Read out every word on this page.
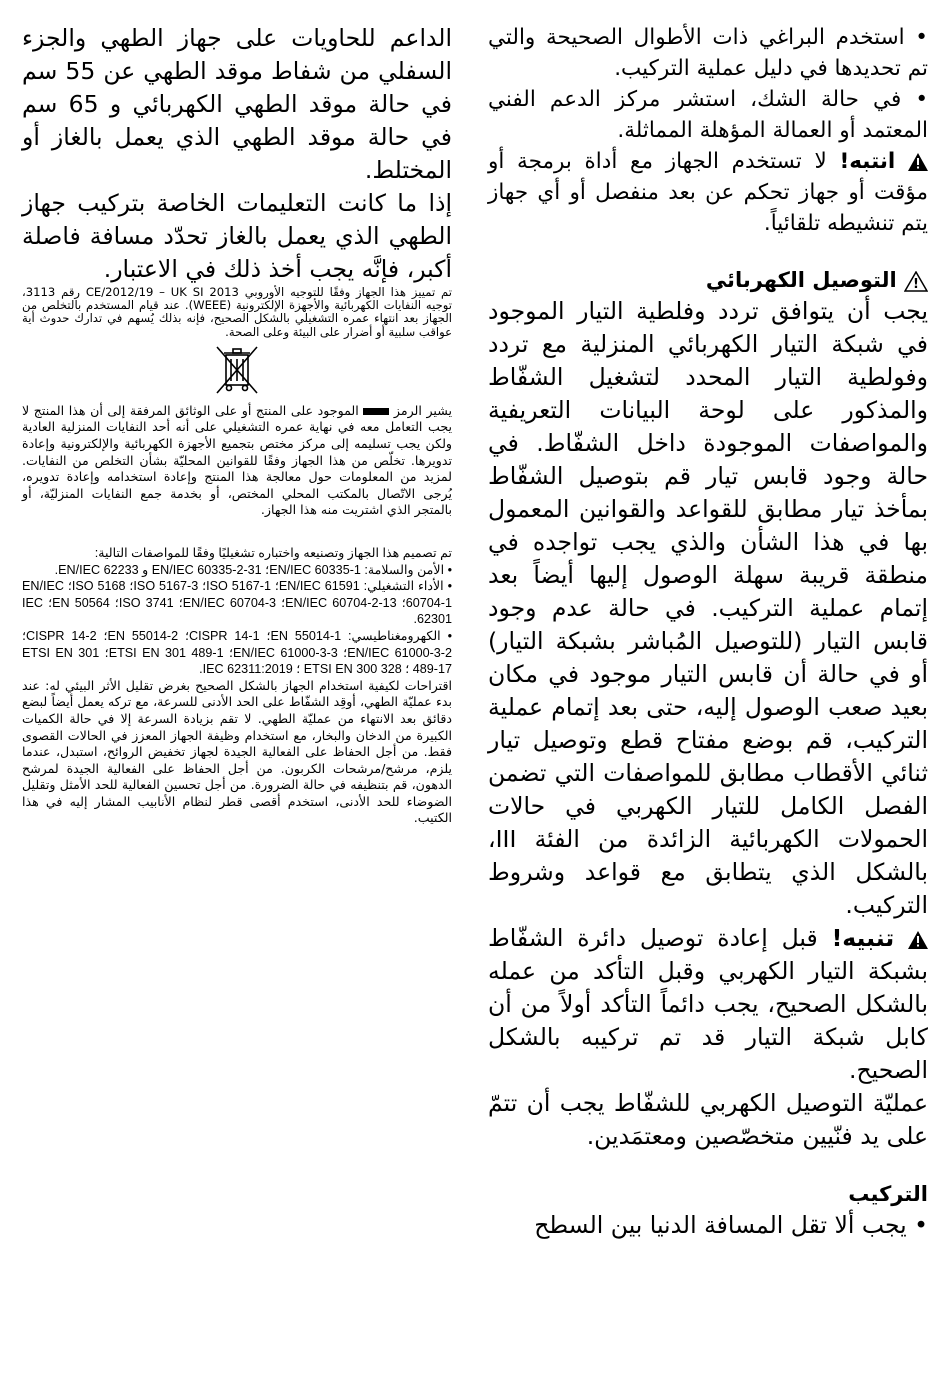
• استخدم البراغي ذات الأطوال الصحيحة والتي تم تحديدها في دليل عملية التركيب.

• في حالة الشك، استشر مركز الدعم الفني المعتمد أو العمالة المؤهلة المماثلة.

انتبه! لا تستخدم الجهاز مع أداة برمجة أو مؤقت أو جهاز تحكم عن بعد منفصل أو أي جهاز يتم تنشيطه تلقائياً.

!
التوصيل الكهربائي

يجب أن يتوافق تردد وفلطية التيار الموجود في شبكة التيار الكهربائي المنزلية مع تردد وفولطية التيار المحدد لتشغيل الشفّاط والمذكور على لوحة البيانات التعريفية والمواصفات الموجودة داخل الشفّاط. في حالة وجود قابس تيار قم بتوصيل الشفّاط بمأخذ تيار مطابق للقواعد والقوانين المعمول بها في هذا الشأن والذي يجب تواجده في منطقة قريبة سهلة الوصول إليها أيضاً بعد إتمام عملية التركيب. في حالة عدم وجود قابس التيار (للتوصيل المُباشر بشبكة التيار) أو في حالة أن قابس التيار موجود في مكان بعيد صعب الوصول إليه، حتى بعد إتمام عملية التركيب، قم بوضع مفتاح قطع وتوصيل تيار ثنائي الأقطاب مطابق للمواصفات التي تضمن الفصل الكامل للتيار الكهربي في حالات الحمولات الكهربائية الزائدة من الفئة III، بالشكل الذي يتطابق مع قواعد وشروط التركيب.

تنبيه! قبل إعادة توصيل دائرة الشفّاط بشبكة التيار الكهربي وقبل التأكد من عمله بالشكل الصحيح، يجب دائماً التأكد أولاً من أن كابل شبكة التيار قد تم تركيبه بالشكل الصحيح.

عمليّة التوصيل الكهربي للشفّاط يجب أن تتمّ على يد فنّيين متخصّصين ومعتمَدين.

التركيب

• يجب ألا تقل المسافة الدنيا بين السطح

الداعم للحاويات على جهاز الطهي والجزء السفلي من شفاط موقد الطهي عن 55 سم في حالة موقد الطهي الكهربائي و 65 سم في حالة موقد الطهي الذي يعمل بالغاز أو المختلط.

إذا ما كانت التعليمات الخاصة بتركيب جهاز الطهي الذي يعمل بالغاز تحدّد مسافة فاصلة أكبر، فإنَّه يجب أخذ ذلك في الاعتبار.

تم تمييز هذا الجهاز وفقًا للتوجيه الأوروبي CE/2012/19 – UK SI 2013 رقم 3113، توجيه النفايات الكهربائية والأجهزة الإلكترونية (WEEE). عند قيام المستخدم بالتخلص من الجهاز بعد انتهاء عمره التشغيلي بالشكل الصحيح، فإنه بذلك يُسهم في تدارك حدوث أية عواقب سلبية أو أضرار على البيئة وعلى الصحة.

يشير الرمز  الموجود على المنتج أو على الوثائق المرفقة إلى أن هذا المنتج لا يجب التعامل معه في نهاية عمره التشغيلي على أنه أحد النفايات المنزلية العادية ولكن يجب تسليمه إلى مركز مختص بتجميع الأجهزة الكهربائية والإلكترونية وإعادة تدويرها. تخلّص من هذا الجهاز وفقًا للقوانين المحليّة بشأن التخلص من النفايات. لمزيد من المعلومات حول معالجة هذا المنتج وإعادة استخدامه وإعادة تدويره، يُرجى الاتّصال بالمكتب المحلي المختص، أو بخدمة جمع النفايات المنزليّة، أو بالمتجر الذي اشتريت منه هذا الجهاز.

تم تصميم هذا الجهاز وتصنيعه واختباره تشغيليًا وفقًا للمواصفات التالية:

• الأمن والسلامة: EN/IEC 60335-1؛ EN/IEC 60335-2-31 و EN/IEC 62233.

• الأداء التشغيلي: EN/IEC 61591؛ ISO 5167-1؛ ISO 5167-3؛ ISO 5168؛ EN/IEC 60704-1؛ EN/IEC 60704-2-13؛ EN/IEC 60704-3؛ ISO 3741؛ EN 50564؛ IEC 62301.

• الكهرومغناطيسي: EN 55014-1؛ CISPR 14-1؛ EN 55014-2؛ CISPR 14-2؛ EN/IEC 61000-3-2؛ EN/IEC 61000-3-3؛ ETSI EN 301 489-1؛ ETSI EN 301 489-17 ؛ ETSI EN 300 328 ؛ IEC 62311:2019.

اقتراحات لكيفية استخدام الجهاز بالشكل الصحيح بغرض تقليل الأثر البيئي له: عند بدء عمليّة الطهي، أوقِد الشفّاط على الحد الأدنى للسرعة، مع تركه يعمل أيضاً لبضع دقائق بعد الانتهاء من عمليّة الطهي. لا تقم بزيادة السرعة إلا في حالة الكميات الكبيرة من الدخان والبخار، مع استخدام وظيفة الجهاز المعزز في الحالات القصوى فقط. من أجل الحفاظ على الفعالية الجيدة لجهاز تخفيض الروائح، استبدل، عندما يلزم، مرشح/مرشحات الكربون. من أجل الحفاظ على الفعالية الجيدة لمرشح الدهون، قم بتنظيفه في حالة الضرورة. من أجل تحسين الفعالية للحد الأمثل وتقليل الضوضاء للحد الأدنى، استخدم أقصى قطر لنظام الأنابيب المشار إليه في هذا الكتيب.
